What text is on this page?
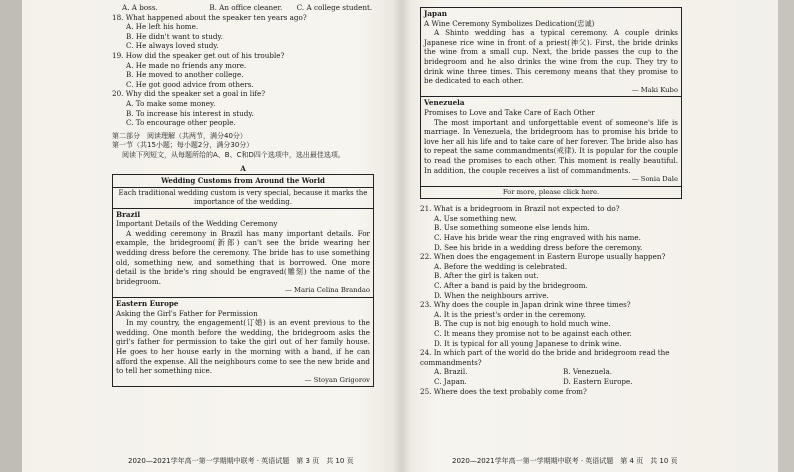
A. A boss.	B. An office cleaner.	C. A college student.

18. What happened about the speaker ten years ago?

A. He left his home.

B. He didn't want to study.

C. He always loved study.

19. How did the speaker get out of his trouble?

A. He made no friends any more.

B. He moved to another college.

C. He got good advice from others.

20. Why did the speaker set a goal in life?

A. To make some money.

B. To increase his interest in study.

C. To encourage other people.

第二部分　阅读理解（共两节，满分40分）
第一节（共15小题；每小题2分，满分30分）
阅读下列短文，从每题所给的A、B、C和D四个选项中，选出最佳选项。
A
Wedding Customs from Around the World
Each traditional wedding custom is very special, because it marks the importance of the wedding.

Brazil

Important Details of the Wedding Ceremony

A wedding ceremony in Brazil has many important details. For example, the bridegroom(新郎) can't see the bride wearing her wedding dress before the ceremony. The bride has to use something old, something new, and something that is borrowed. One more detail is the bride's ring should be engraved(雕刻) the name of the bridegroom.

— Maria Celina Brandao

Eastern Europe

Asking the Girl's Father for Permission

In my country, the engagement(订婚) is an event previous to the wedding. One month before the wedding, the bridegroom asks the girl's father for permission to take the girl out of her family house. He goes to her house early in the morning with a band, if he can afford the expense. All the neighbours come to see the new bride and to tell her something nice.

— Stoyan Grigorov

2020—2021学年高一第一学期期中联考 · 英语试题　第 3 页　共 10 页

Japan

A Wine Ceremony Symbolizes Dedication(忠诚)

A Shinto wedding has a typical ceremony. A couple drinks Japanese rice wine in front of a priest(神父). First, the bride drinks the wine from a small cup. Next, the bride passes the cup to the bridegroom and he also drinks the wine from the cup. They try to drink wine three times. This ceremony means that they promise to be dedicated to each other.

— Maki Kubo

Venezuela

Promises to Love and Take Care of Each Other

The most important and unforgettable event of someone's life is marriage. In Venezuela, the bridegroom has to promise his bride to love her all his life and to take care of her forever. The bride also has to repeat the same commandments(戒律). It is popular for the couple to read the promises to each other. This moment is really beautiful. In addition, the couple receives a list of commandments.

— Sonia Dale

For more, please click here.

21. What is a bridegroom in Brazil not expected to do?

A. Use something new.

B. Use something someone else lends him.

C. Have his bride wear the ring engraved with his name.

D. See his bride in a wedding dress before the ceremony.

22. When does the engagement in Eastern Europe usually happen?

A. Before the wedding is celebrated.

B. After the girl is taken out.

C. After a band is paid by the bridegroom.

D. When the neighbours arrive.

23. Why does the couple in Japan drink wine three times?

A. It is the priest's order in the ceremony.

B. The cup is not big enough to hold much wine.

C. It means they promise not to be against each other.

D. It is typical for all young Japanese to drink wine.

24. In which part of the world do the bride and bridegroom read the commandments?

A. Brazil.	B. Venezuela.
C. Japan.	D. Eastern Europe.

25. Where does the text probably come from?

2020—2021学年高一第一学期期中联考 · 英语试题　第 4 页　共 10 页
